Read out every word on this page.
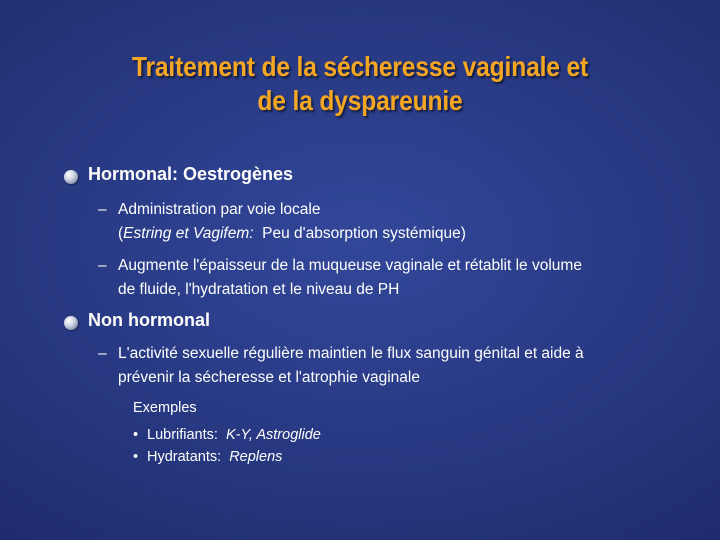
Traitement de la sécheresse vaginale et
de la dyspareunie
Hormonal: Oestrogènes
– Administration par voie locale
(Estring et Vagifem:  Peu d'absorption systémique)
– Augmente l'épaisseur de la muqueuse vaginale et rétablit le volume
de fluide, l'hydratation et le niveau de PH
Non hormonal
– L'activité sexuelle régulière maintien le flux sanguin génital et aide à
prévenir la sécheresse et l'atrophie vaginale
Exemples
• Lubrifiants:  K-Y, Astroglide
• Hydratants:  Replens
